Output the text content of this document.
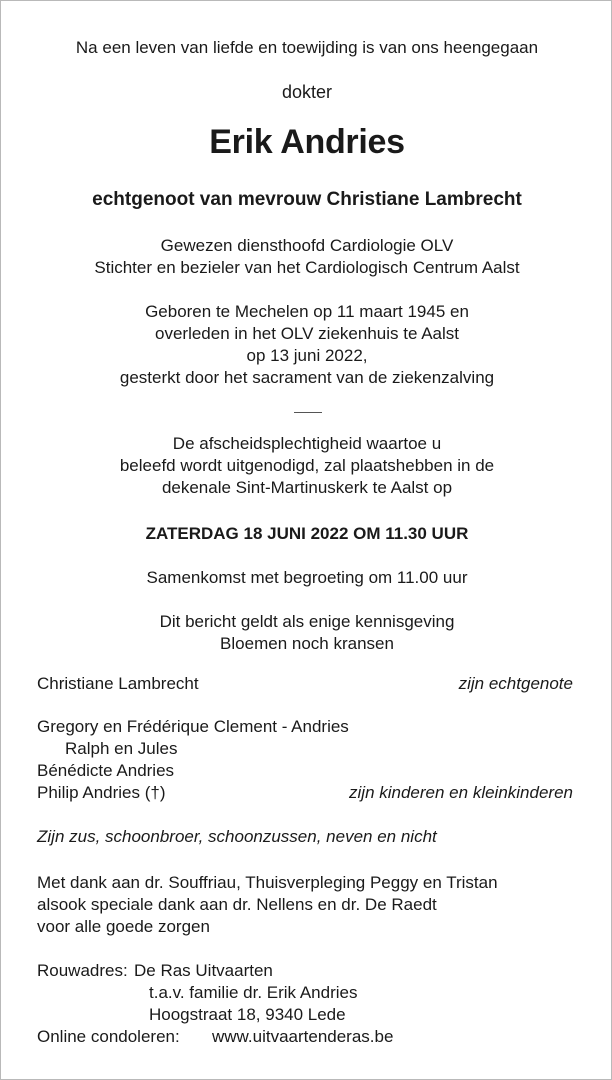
Na een leven van liefde en toewijding is van ons heengegaan
dokter
Erik Andries
echtgenoot van mevrouw Christiane Lambrecht
Gewezen diensthoofd Cardiologie OLV
Stichter en bezieler van het Cardiologisch Centrum Aalst
Geboren te Mechelen op 11 maart 1945 en
overleden in het OLV ziekenhuis te Aalst
op 13 juni 2022,
gesterkt door het sacrament van de ziekenzalving
De afscheidsplechtigheid waartoe u
beleefd wordt uitgenodigd, zal plaatshebben in de
dekenale Sint-Martinuskerk te Aalst op
ZATERDAG 18 JUNI 2022 OM 11.30 UUR
Samenkomst met begroeting om 11.00 uur
Dit bericht geldt als enige kennisgeving
Bloemen noch kransen
Christiane Lambrecht	zijn echtgenote
Gregory en Frédérique Clement - Andries
Ralph en Jules
Bénédicte Andries
Philip Andries (†)	zijn kinderen en kleinkinderen
Zijn zus, schoonbroer, schoonzussen, neven en nicht
Met dank aan dr. Souffriau, Thuisverpleging Peggy en Tristan
alsook speciale dank aan dr. Nellens en dr. De Raedt
voor alle goede zorgen
Rouwadres: De Ras Uitvaarten
t.a.v. familie dr. Erik Andries
Hoogstraat 18, 9340 Lede
Online condoleren: www.uitvaartenderas.be
